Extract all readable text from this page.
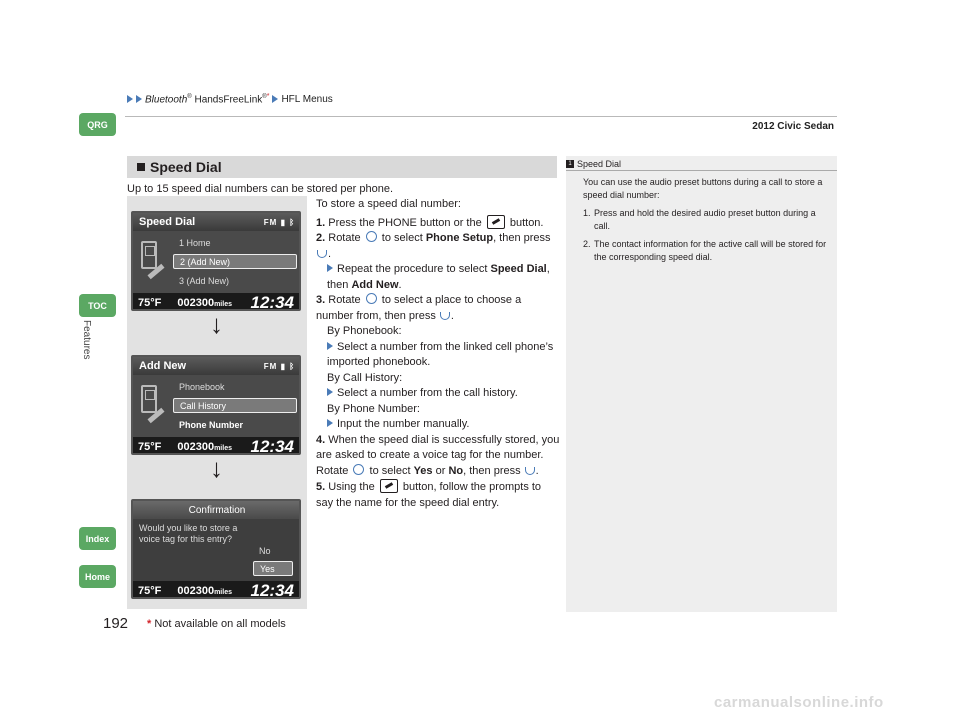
Bluetooth® HandsFreeLink®* HFL Menus
2012 Civic Sedan
QRG
TOC
Features
Index
Home
Speed Dial
Up to 15 speed dial numbers can be stored per phone.
Speed Dial	FM ▮ ᛒ
1 Home
2 (Add New)
3 (Add New)
75°F 002300miles 12:34
↓
Add New	FM ▮ ᛒ
Phonebook
Call History
Phone Number
75°F 002300miles 12:34
↓
Confirmation
Would you like to store a voice tag for this entry?
No
Yes
75°F 002300miles 12:34

To store a speed dial number:

1. Press the PHONE button or the	button.

2. Rotate to select Phone Setup, then press .

Repeat the procedure to select Speed Dial, then Add New.

3. Rotate to select a place to choose a number from, then press .

By Phonebook:

Select a number from the linked cell phone’s imported phonebook.

By Call History:

Select a number from the call history.

By Phone Number:

Input the number manually.

4. When the speed dial is successfully stored, you are asked to create a voice tag for the number. Rotate to select Yes or No, then press .

5. Using the	button, follow the prompts to say the name for the speed dial entry.

1 Speed Dial

You can use the audio preset buttons during a call to store a speed dial number:

1. Press and hold the desired audio preset button during a call.
2. The contact information for the active call will be stored for the corresponding speed dial.
192 * Not available on all models
carmanualsonline.info
